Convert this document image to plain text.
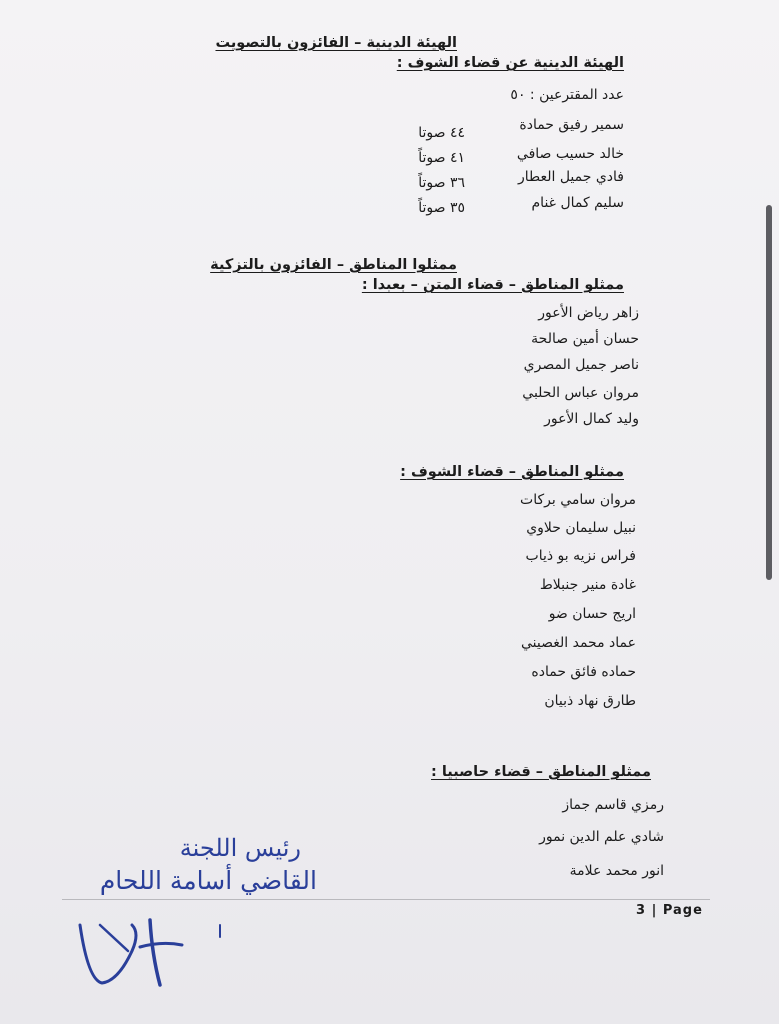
الهيئة الدينية – الفائزون بالتصويت
الهيئة الدينية عن قضاء الشوف :
عدد المقترعين : ٥٠
سمير رفيق حمادة
٤٤ صوتا
خالد حسيب صافي
٤١ صوتاً
فادي جميل العطار
٣٦ صوتاً
سليم كمال غنام
٣٥ صوتاً
ممثلوا المناطق – الفائزون بالتزكية
ممثلو المناطق – قضاء المتن – بعبدا :
زاهر رياض الأعور
حسان أمين صالحة
ناصر جميل المصري
مروان عباس الحلبي
وليد كمال الأعور
ممثلو المناطق – قضاء الشوف :
مروان سامي بركات
نبيل سليمان حلاوي
فراس نزيه بو ذياب
غادة منير جنبلاط
اريج حسان ضو
عماد محمد الغصيني
حماده فائق حماده
طارق نهاد ذبيان
ممثلو المناطق – قضاء حاصبيا :
رمزي قاسم جماز
شادي علم الدين نمور
انور محمد علامة
رئيس اللجنة
القاضي أسامة اللحام
3 | Page
